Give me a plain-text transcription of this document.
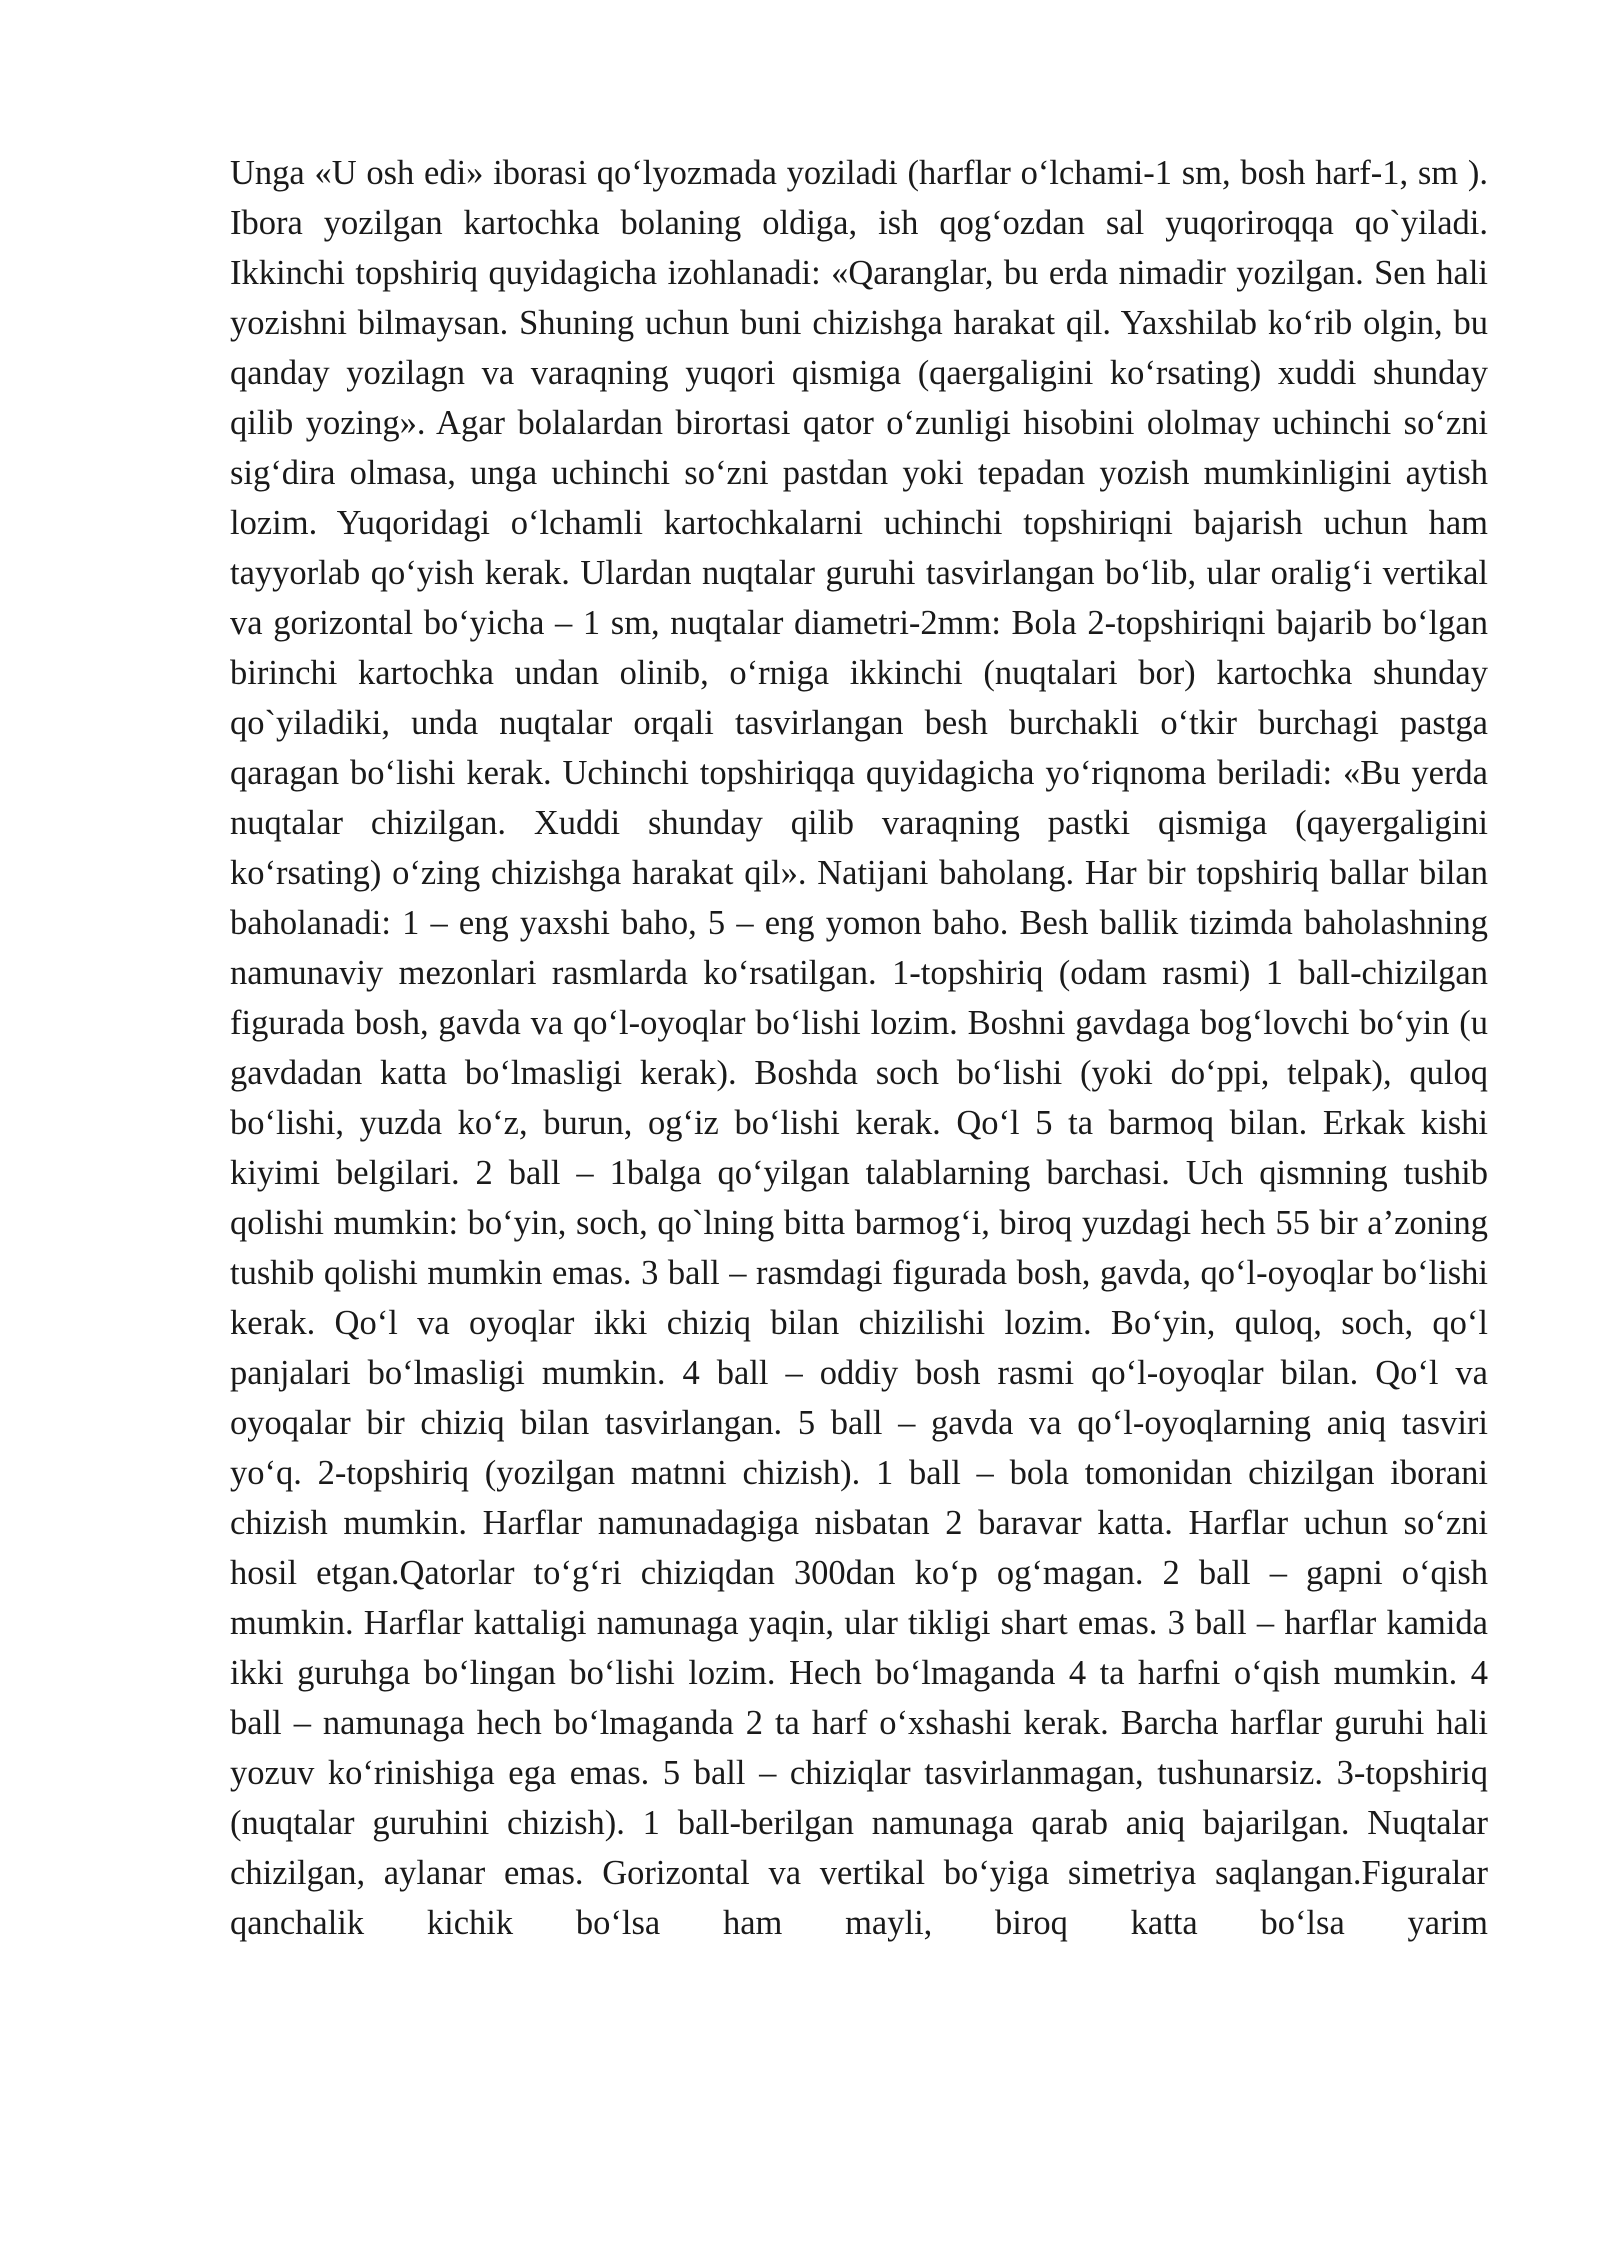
Unga «U osh edi» iborasi qo‘lyozmada yoziladi (harflar o‘lchami-1 sm, bosh harf-1, sm ). Ibora yozilgan kartochka bolaning oldiga, ish qog‘ozdan sal yuqoriroqqa qo`yiladi. Ikkinchi topshiriq quyidagicha izohlanadi: «Qaranglar, bu erda nimadir yozilgan. Sen hali yozishni bilmaysan. Shuning uchun buni chizishga harakat qil. Yaxshilab ko‘rib olgin, bu qanday yozilagn va varaqning yuqori qismiga (qaergaligini ko‘rsating) xuddi shunday qilib yozing». Agar bolalardan birortasi qator o‘zunligi hisobini ololmay uchinchi so‘zni sig‘dira olmasa, unga uchinchi so‘zni pastdan yoki tepadan yozish mumkinligini aytish lozim. Yuqoridagi o‘lchamli kartochkalarni uchinchi topshiriqni bajarish uchun ham tayyorlab qo‘yish kerak. Ulardan nuqtalar guruhi tasvirlangan bo‘lib, ular oralig‘i vertikal va gorizontal bo‘yicha – 1 sm, nuqtalar diametri-2mm: Bola 2-topshiriqni bajarib bo‘lgan birinchi kartochka undan olinib, o‘rniga ikkinchi (nuqtalari bor) kartochka shunday qo`yiladiki, unda nuqtalar orqali tasvirlangan besh burchakli o‘tkir burchagi pastga qaragan bo‘lishi kerak. Uchinchi topshiriqqa quyidagicha yo‘riqnoma beriladi: «Bu yerda nuqtalar chizilgan. Xuddi shunday qilib varaqning pastki qismiga (qayergaligini ko‘rsating) o‘zing chizishga harakat qil». Natijani baholang. Har bir topshiriq ballar bilan baholanadi: 1 – eng yaxshi baho, 5 – eng yomon baho. Besh ballik tizimda baholashning namunaviy mezonlari rasmlarda ko‘rsatilgan. 1-topshiriq (odam rasmi) 1 ball-chizilgan figurada bosh, gavda va qo‘l-oyoqlar bo‘lishi lozim. Boshni gavdaga bog‘lovchi bo‘yin (u gavdadan katta bo‘lmasligi kerak). Boshda soch bo‘lishi (yoki do‘ppi, telpak), quloq bo‘lishi, yuzda ko‘z, burun, og‘iz bo‘lishi kerak. Qo‘l 5 ta barmoq bilan. Erkak kishi kiyimi belgilari. 2 ball – 1balga qo‘yilgan talablarning barchasi. Uch qismning tushib qolishi mumkin: bo‘yin, soch, qo`lning bitta barmog‘i, biroq yuzdagi hech 55 bir a’zoning tushib qolishi mumkin emas. 3 ball – rasmdagi figurada bosh, gavda, qo‘l-oyoqlar bo‘lishi kerak. Qo‘l va oyoqlar ikki chiziq bilan chizilishi lozim. Bo‘yin, quloq, soch, qo‘l panjalari bo‘lmasligi mumkin. 4 ball – oddiy bosh rasmi qo‘l-oyoqlar bilan. Qo‘l va oyoqalar bir chiziq bilan tasvirlangan. 5 ball – gavda va qo‘l-oyoqlarning aniq tasviri yo‘q. 2-topshiriq (yozilgan matnni chizish). 1 ball – bola tomonidan chizilgan iborani chizish mumkin. Harflar namunadagiga nisbatan 2 baravar katta. Harflar uchun so‘zni hosil etgan.Qatorlar to‘g‘ri chiziqdan 300dan ko‘p og‘magan. 2 ball – gapni o‘qish mumkin. Harflar kattaligi namunaga yaqin, ular tikligi shart emas. 3 ball – harflar kamida ikki guruhga bo‘lingan bo‘lishi lozim. Hech bo‘lmaganda 4 ta harfni o‘qish mumkin. 4 ball – namunaga hech bo‘lmaganda 2 ta harf o‘xshashi kerak. Barcha harflar guruhi hali yozuv ko‘rinishiga ega emas. 5 ball – chiziqlar tasvirlanmagan, tushunarsiz. 3-topshiriq (nuqtalar guruhini chizish). 1 ball-berilgan namunaga qarab aniq bajarilgan. Nuqtalar chizilgan, aylanar emas. Gorizontal va vertikal bo‘yiga simetriya saqlangan.Figuralar qanchalik kichik bo‘lsa ham mayli, biroq katta bo‘lsa yarim
